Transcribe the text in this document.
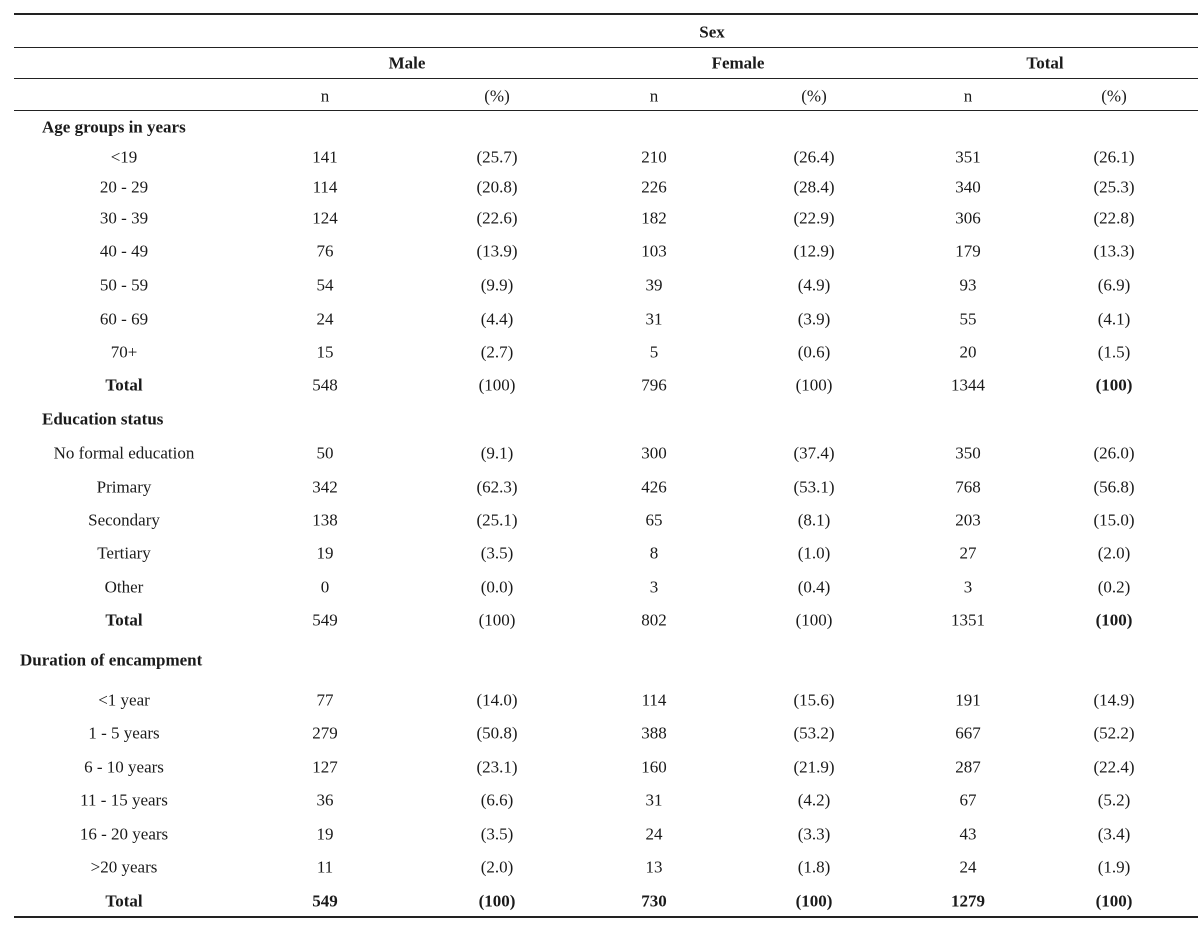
Sex
Male	Female	Total
n	(%)	n	(%)	n	(%)
Age groups in years
<19	141	(25.7)	210	(26.4)	351	(26.1)
20 - 29	114	(20.8)	226	(28.4)	340	(25.3)
30 - 39	124	(22.6)	182	(22.9)	306	(22.8)
40 - 49	76	(13.9)	103	(12.9)	179	(13.3)
50 - 59	54	(9.9)	39	(4.9)	93	(6.9)
60 - 69	24	(4.4)	31	(3.9)	55	(4.1)
70+	15	(2.7)	5	(0.6)	20	(1.5)
Total	548	(100)	796	(100)	1344	(100)
Education status
No formal education	50	(9.1)	300	(37.4)	350	(26.0)
Primary	342	(62.3)	426	(53.1)	768	(56.8)
Secondary	138	(25.1)	65	(8.1)	203	(15.0)
Tertiary	19	(3.5)	8	(1.0)	27	(2.0)
Other	0	(0.0)	3	(0.4)	3	(0.2)
Total	549	(100)	802	(100)	1351	(100)
Duration of encampment
<1 year	77	(14.0)	114	(15.6)	191	(14.9)
1 - 5 years	279	(50.8)	388	(53.2)	667	(52.2)
6 - 10 years	127	(23.1)	160	(21.9)	287	(22.4)
11 - 15 years	36	(6.6)	31	(4.2)	67	(5.2)
16 - 20 years	19	(3.5)	24	(3.3)	43	(3.4)
>20 years	11	(2.0)	13	(1.8)	24	(1.9)
Total	549	(100)	730	(100)	1279	(100)
